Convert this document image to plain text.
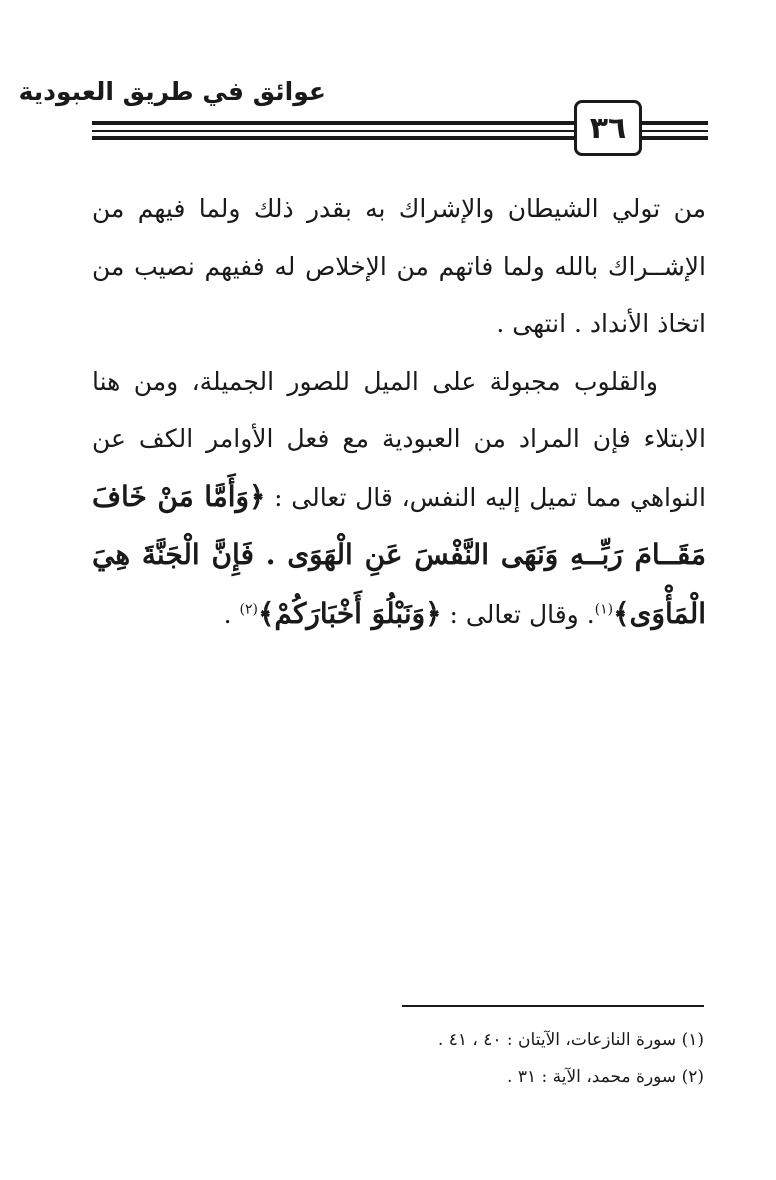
عوائق في طريق العبودية
٣٦

من تولي الشيطان والإشراك به بقدر ذلك ولما فيهم من الإشــراك بالله ولما فاتهم من الإخلاص له ففيهم نصيب من اتخاذ الأنداد . انتهى .

والقلوب مجبولة على الميل للصور الجميلة، ومن هنا الابتلاء فإن المراد من العبودية مع فعل الأوامر الكف عن النواهي مما تميل إليه النفس، قال تعالى : ﴿وَأَمَّا مَنْ خَافَ مَقَــامَ رَبِّــهِ وَنَهَى النَّفْسَ عَنِ الْهَوَى . فَإِنَّ الْجَنَّةَ هِيَ الْمَأْوَى﴾$^{(١)}$. وقال تعالى : ﴿وَنَبْلُوَ أَخْبَارَكُمْ﴾$^{(٢)}$ .

(١) سورة النازعات، الآيتان : ٤٠ ، ٤١ .
(٢) سورة محمد، الآية : ٣١ .
